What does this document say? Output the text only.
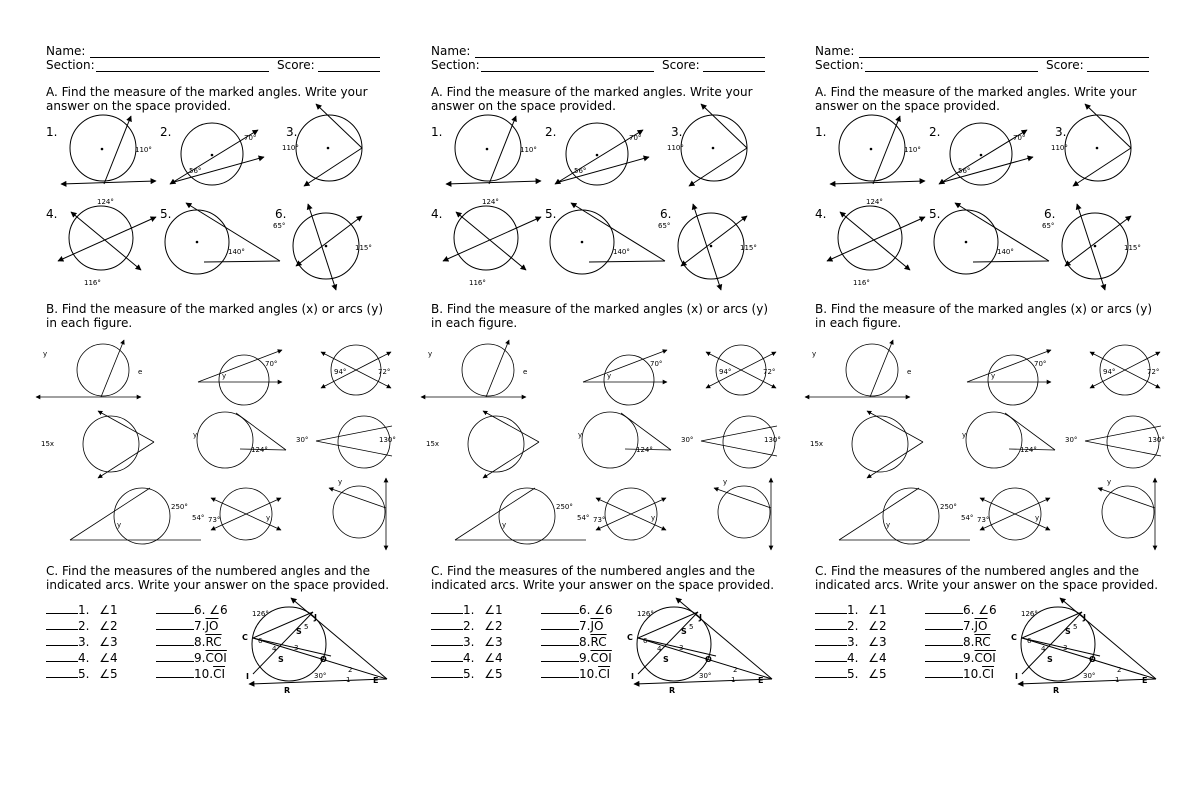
Name:
Section:	Score:
A. Find the measure of the marked angles. Write your answer on the space provided.
1.	2.	3.
4.	5.	6.
110°
70°
56°
110°
124°
116°
140°
65°
115°
B. Find the measure of the marked angles (x) or arcs (y) in each figure.
y
e
70°
y	94°	72°
15x
y
124°
30°	130°
250°
y
54° 73°	y
y
C. Find the measures of the numbered angles and the indicated arcs. Write your answer on the space provided.
1. ∠1
2. ∠2
3. ∠3
4. ∠4
5. ∠5
6. ∠6
$7.\overline{JO}$
$8.\overline{RC}$
$9.\overline{COI}$
$10.\overline{CI}$
126°	J
C
O
I
R
E
S
S
6
4	3
5
2
1
30°
Name:
Section:	Score:
A. Find the measure of the marked angles. Write your answer on the space provided.
1.	2.	3.
4.	5.	6.
110°
70°
56°
110°
124°
116°
140°
65°
115°
B. Find the measure of the marked angles (x) or arcs (y) in each figure.
y
e
70°
y	94°	72°
15x
y
124°
30°	130°
250°
y
54° 73°	y
y
C. Find the measures of the numbered angles and the indicated arcs. Write your answer on the space provided.
1. ∠1
2. ∠2
3. ∠3
4. ∠4
5. ∠5
6. ∠6
$7.\overline{JO}$
$8.\overline{RC}$
$9.\overline{COI}$
$10.\overline{CI}$
126°	J
C
O
I
R
E
S
S
6
4	3
5
2
1
30°
Name:
Section:	Score:
A. Find the measure of the marked angles. Write your answer on the space provided.
1.	2.	3.
4.	5.	6.
110°
70°
56°
110°
124°
116°
140°
65°
115°
B. Find the measure of the marked angles (x) or arcs (y) in each figure.
y
e
70°
y	94°	72°
15x
y
124°
30°	130°
250°
y
54° 73°	y
y
C. Find the measures of the numbered angles and the indicated arcs. Write your answer on the space provided.
1. ∠1
2. ∠2
3. ∠3
4. ∠4
5. ∠5
6. ∠6
$7.\overline{JO}$
$8.\overline{RC}$
$9.\overline{COI}$
$10.\overline{CI}$
126°	J
C
O
I
R
E
S
S
6
4	3
5
2
1
30°
